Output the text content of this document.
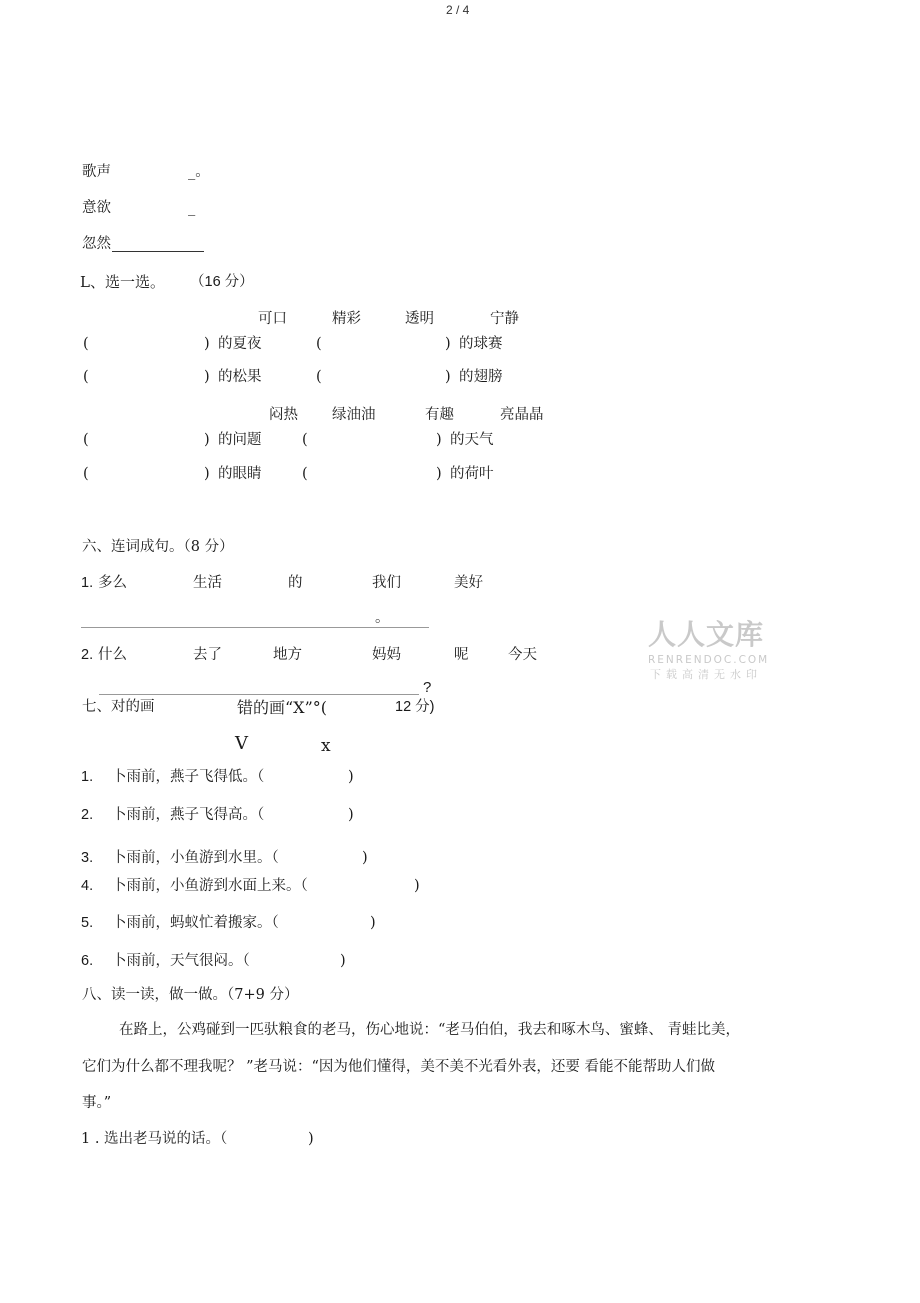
2 / 4
歌声	_。
意欲	_
忽然
L、选一选。 （16 分）
可口	精彩	透明	宁静
(	) 的夏夜	(	) 的球赛
(	) 的松果	(	) 的翅膀
闷热 绿油油	有趣	亮晶晶
(	) 的问题	(	) 的天气
(	) 的眼睛	(	) 的荷叶
六、连词成句。（8 分）
1. 多么	生活	的	我们	美好
。
2. 什么	去了	地方	妈妈	呢	今天
?
人人文库
RENRENDOC.COM
下载高清无水印
七、对的画	错的画“X”°(	12 分)
V	x
1. 卜雨前，燕子飞得低。（	)
2. 卜雨前，燕子飞得高。（	)
3. 卜雨前，小鱼游到水里。（	)
4. 卜雨前，小鱼游到水面上来。（	)
5. 卜雨前，蚂蚁忙着搬家。（	)
6. 卜雨前，天气很闷。（	)
八、读一读，做一做。（7+9 分）
在路上，公鸡碰到一匹驮粮食的老马，伤心地说：“老马伯伯，我去和啄木鸟、蜜蜂、 青蛙比美，
它们为什么都不理我呢？ ”老马说：“因为他们懂得，美不美不光看外表，还要 看能不能帮助人们做
事。”
1 . 选出老马说的话。（	)
